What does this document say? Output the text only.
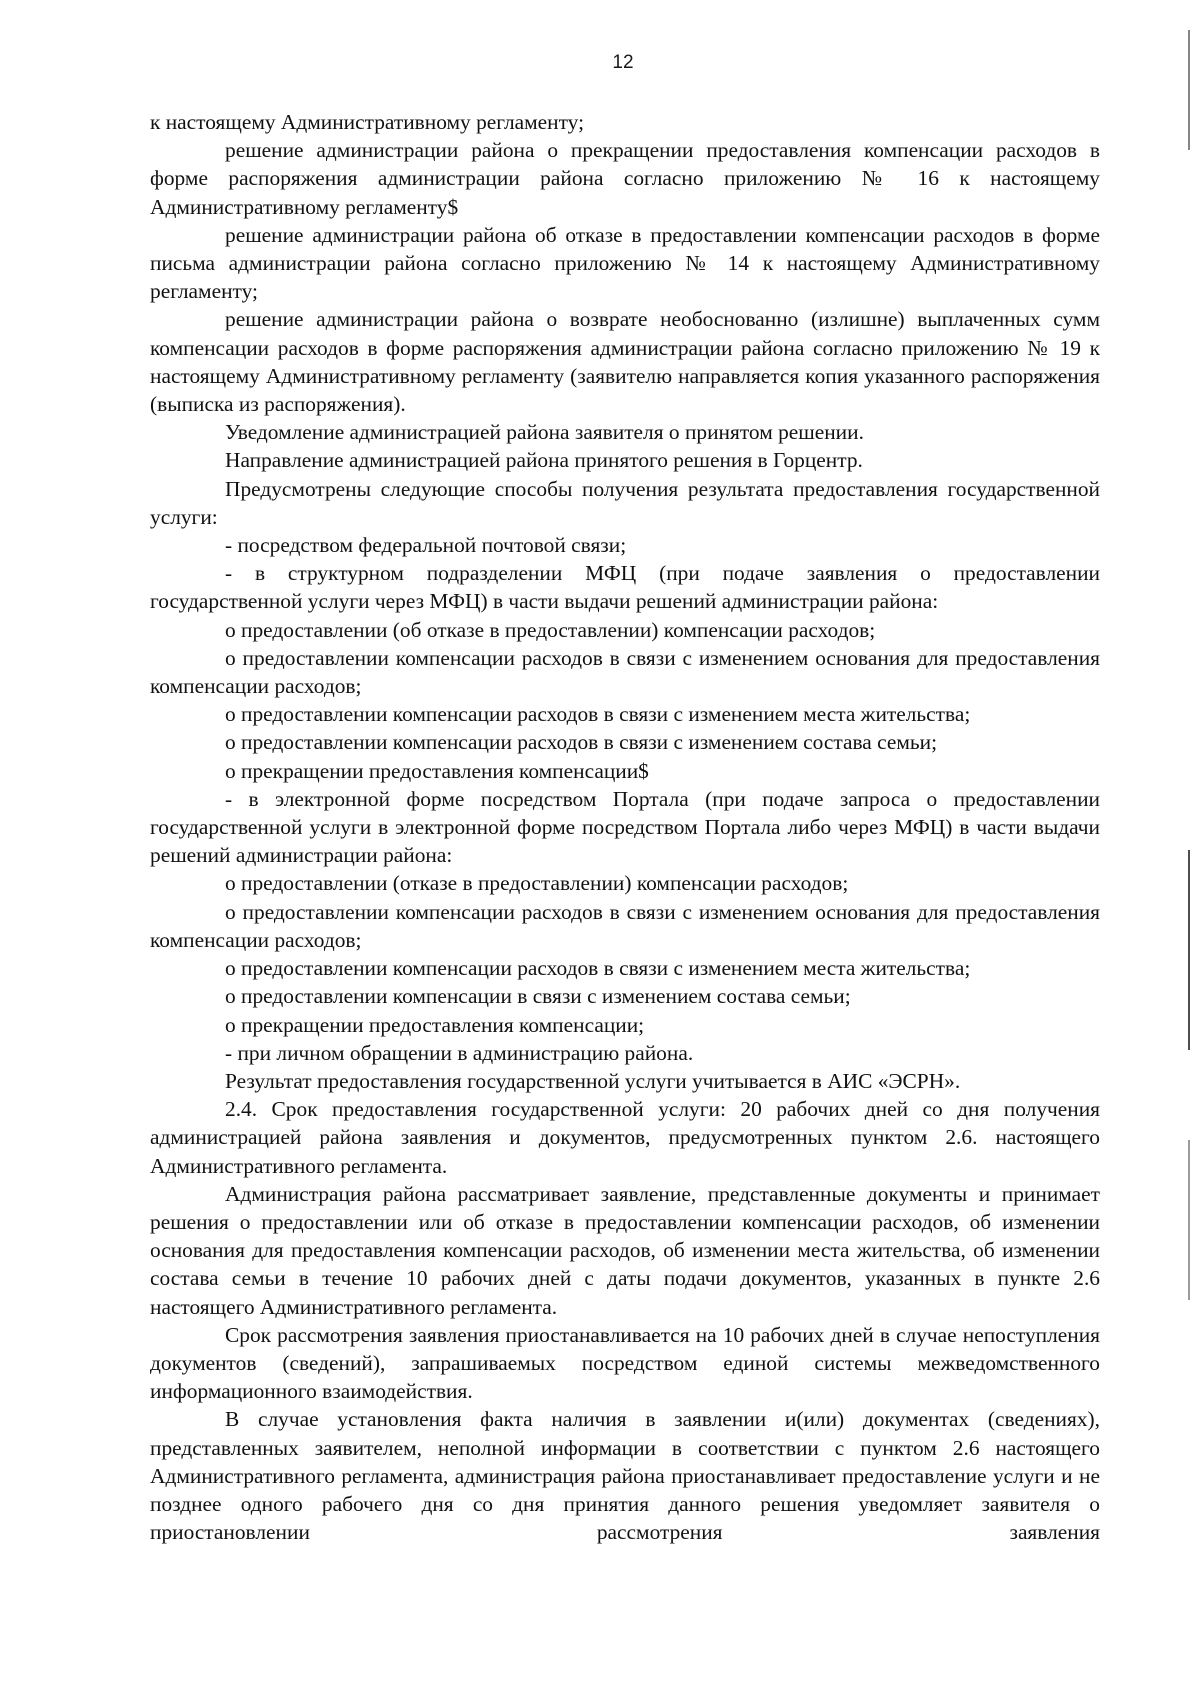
12

к настоящему Административному регламенту;

решение администрации района о прекращении предоставления компенсации расходов в форме распоряжения администрации района согласно приложению № 16 к настоящему Административному регламенту$

решение администрации района об отказе в предоставлении компенсации расходов в форме письма администрации района согласно приложению № 14 к настоящему Административному регламенту;

решение администрации района о возврате необоснованно (излишне) выплаченных сумм компенсации расходов в форме распоряжения администрации района согласно приложению № 19 к настоящему Административному регламенту (заявителю направляется копия указанного распоряжения (выписка из распоряжения).

Уведомление администрацией района заявителя о принятом решении.

Направление администрацией района принятого решения в Горцентр.

Предусмотрены следующие способы получения результата предоставления государственной услуги:

- посредством федеральной почтовой связи;

- в структурном подразделении МФЦ (при подаче заявления о предоставлении государственной услуги через МФЦ) в части выдачи решений администрации района:

о предоставлении (об отказе в предоставлении) компенсации расходов;

о предоставлении компенсации расходов в связи с изменением основания для предоставления компенсации расходов;

о предоставлении компенсации расходов в связи с изменением места жительства;

о предоставлении компенсации расходов в связи с изменением состава семьи;

о прекращении предоставления компенсации$

- в электронной форме посредством Портала (при подаче запроса о предоставлении государственной услуги в электронной форме посредством Портала либо через МФЦ) в части выдачи решений администрации района:

о предоставлении (отказе в предоставлении) компенсации расходов;

о предоставлении компенсации расходов в связи с изменением основания для предоставления компенсации расходов;

о предоставлении компенсации расходов в связи с изменением места жительства;

о предоставлении компенсации в связи с изменением состава семьи;

о прекращении предоставления компенсации;

- при личном обращении в администрацию района.

Результат предоставления государственной услуги учитывается в АИС «ЭСРН».

2.4. Срок предоставления государственной услуги: 20 рабочих дней со дня получения администрацией района заявления и документов, предусмотренных пунктом 2.6. настоящего Административного регламента.

Администрация района рассматривает заявление, представленные документы и принимает решения о предоставлении или об отказе в предоставлении компенсации расходов, об изменении основания для предоставления компенсации расходов, об изменении места жительства, об изменении состава семьи в течение 10 рабочих дней с даты подачи документов, указанных в пункте 2.6 настоящего Административного регламента.

Срок рассмотрения заявления приостанавливается на 10 рабочих дней в случае непоступления документов (сведений), запрашиваемых посредством единой системы межведомственного информационного взаимодействия.

В случае установления факта наличия в заявлении и(или) документах (сведениях), представленных заявителем, неполной информации в соответствии с пунктом 2.6 настоящего Административного регламента, администрация района приостанавливает предоставление услуги и не позднее одного рабочего дня со дня принятия данного решения уведомляет заявителя о приостановлении рассмотрения заявления
